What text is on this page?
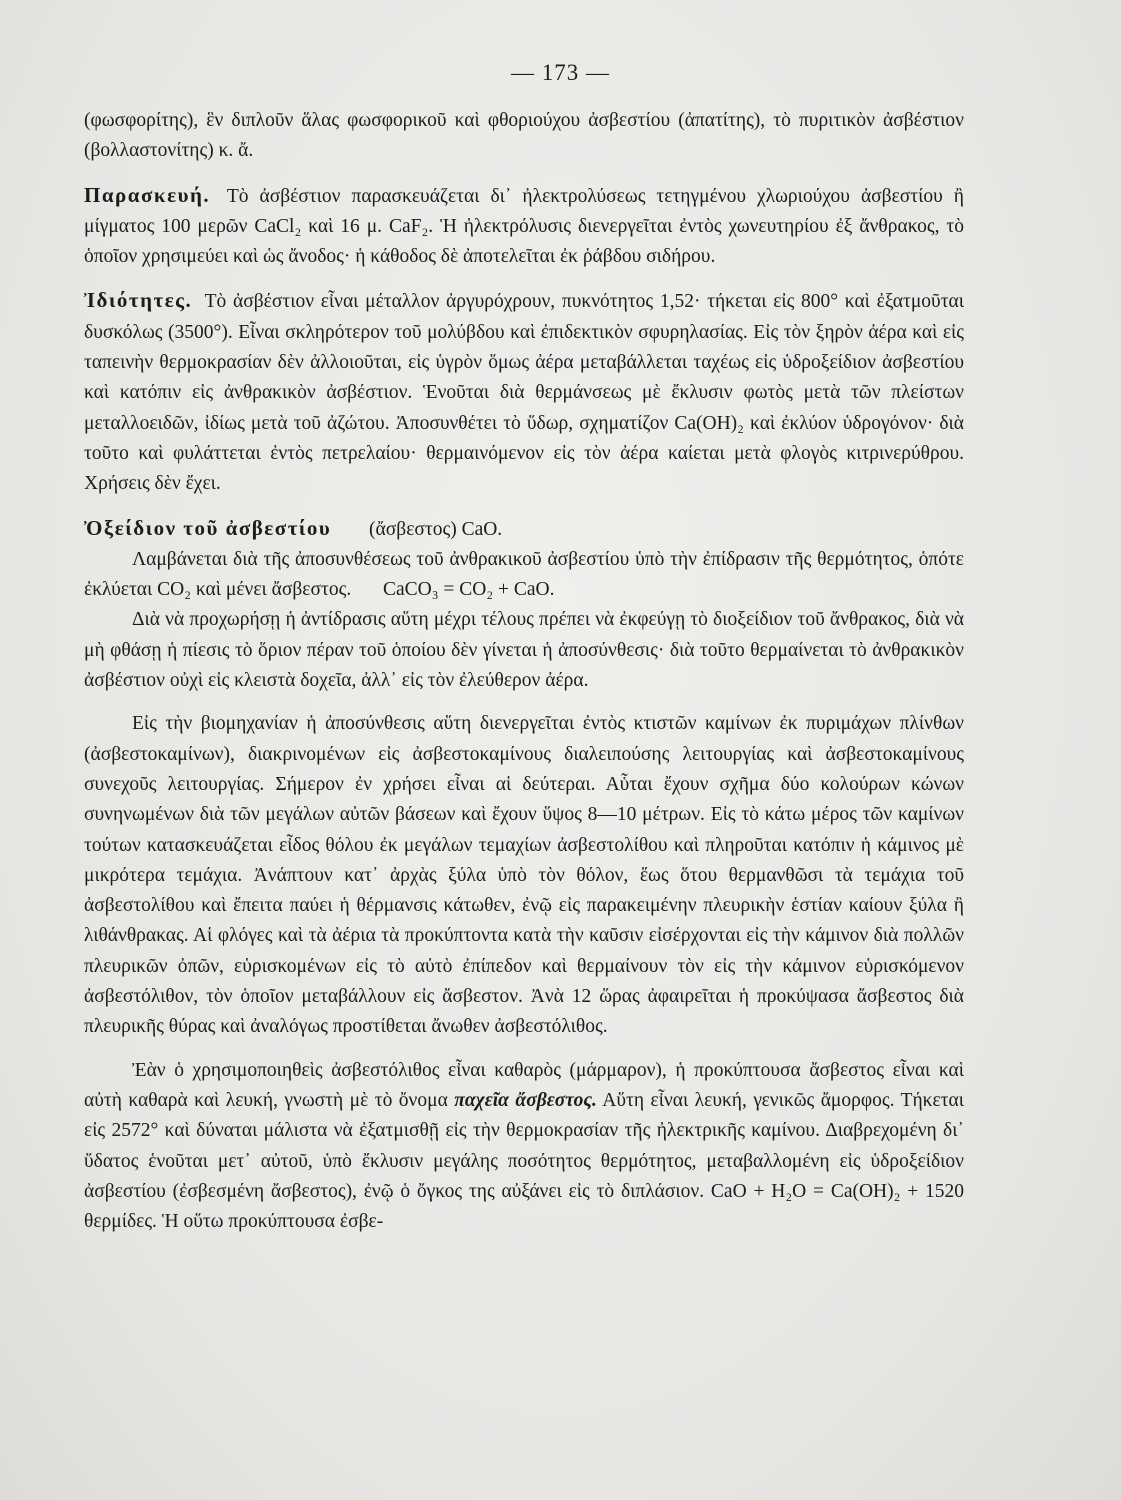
— 173 —

(φωσφορίτης), ἓν διπλοῦν ἅλας φωσφορικοῦ καὶ φθοριούχου ἀσβεστίου (ἀπατίτης), τὸ πυριτικὸν ἀσβέστιον (βολλαστονίτης) κ. ἄ.

Παρασκευή. Τὸ ἀσβέστιον παρασκευάζεται δι᾽ ἠλεκτρολύσεως τετηγμένου χλωριούχου ἀσβεστίου ἢ μίγματος 100 μερῶν CaCl₂ καὶ 16 μ. CaF₂. Ἡ ἠλεκτρόλυσις διενεργεῖται ἐντὸς χωνευτηρίου ἐξ ἄνθρακος, τὸ ὁποῖον χρησιμεύει καὶ ὡς ἄνοδος· ἡ κάθοδος δὲ ἀποτελεῖται ἐκ ῥάβδου σιδήρου.

Ἰδιότητες. Τὸ ἀσβέστιον εἶναι μέταλλον ἀργυρόχρουν, πυκνότητος 1,52· τήκεται εἰς 800° καὶ ἐξατμοῦται δυσκόλως (3500°). Εἶναι σκληρότερον τοῦ μολύβδου καὶ ἐπιδεκτικὸν σφυρηλασίας. Εἰς τὸν ξηρὸν ἀέρα καὶ εἰς ταπεινὴν θερμοκρασίαν δὲν ἀλλοιοῦται, εἰς ὑγρὸν ὅμως ἀέρα μεταβάλλεται ταχέως εἰς ὑδροξείδιον ἀσβεστίου καὶ κατόπιν εἰς ἀνθρακικὸν ἀσβέστιον. Ἑνοῦται διὰ θερμάνσεως μὲ ἔκλυσιν φωτὸς μετὰ τῶν πλείστων μεταλλοειδῶν, ἰδίως μετὰ τοῦ ἀζώτου. Ἀποσυνθέτει τὸ ὕδωρ, σχηματίζον Ca(OH)₂ καὶ ἐκλύον ὑδρογόνον· διὰ τοῦτο καὶ φυλάττεται ἐντὸς πετρελαίου· θερμαινόμενον εἰς τὸν ἀέρα καίεται μετὰ φλογὸς κιτρινερύθρου. Χρήσεις δὲν ἔχει.

Ὀξείδιον τοῦ ἀσβεστίου (ἄσβεστος) CaO.

Λαμβάνεται διὰ τῆς ἀποσυνθέσεως τοῦ ἀνθρακικοῦ ἀσβεστίου ὑπὸ τὴν ἐπίδρασιν τῆς θερμότητος, ὁπότε ἐκλύεται CO₂ καὶ μένει ἄσβεστος. CaCO₃ = CO₂ + CaO.

Διὰ νὰ προχωρήσῃ ἡ ἀντίδρασις αὕτη μέχρι τέλους πρέπει νὰ ἐκφεύγῃ τὸ διοξείδιον τοῦ ἄνθρακος, διὰ νὰ μὴ φθάσῃ ἡ πίεσις τὸ ὅριον πέραν τοῦ ὁποίου δὲν γίνεται ἡ ἀποσύνθεσις· διὰ τοῦτο θερμαίνεται τὸ ἀνθρακικὸν ἀσβέστιον οὐχὶ εἰς κλειστὰ δοχεῖα, ἀλλ᾽ εἰς τὸν ἐλεύθερον ἀέρα.

Εἰς τὴν βιομηχανίαν ἡ ἀποσύνθεσις αὕτη διενεργεῖται ἐντὸς κτιστῶν καμίνων ἐκ πυριμάχων πλίνθων (ἀσβεστοκαμίνων), διακρινομένων εἰς ἀσβεστοκαμίνους διαλειπούσης λειτουργίας καὶ ἀσβεστοκαμίνους συνεχοῦς λειτουργίας. Σήμερον ἐν χρήσει εἶναι αἱ δεύτεραι. Αὗται ἔχουν σχῆμα δύο κολούρων κώνων συνηνωμένων διὰ τῶν μεγάλων αὐτῶν βάσεων καὶ ἔχουν ὕψος 8—10 μέτρων. Εἰς τὸ κάτω μέρος τῶν καμίνων τούτων κατασκευάζεται εἶδος θόλου ἐκ μεγάλων τεμαχίων ἀσβεστολίθου καὶ πληροῦται κατόπιν ἡ κάμινος μὲ μικρότερα τεμάχια. Ἀνάπτουν κατ᾽ ἀρχὰς ξύλα ὑπὸ τὸν θόλον, ἕως ὅτου θερμανθῶσι τὰ τεμάχια τοῦ ἀσβεστολίθου καὶ ἔπειτα παύει ἡ θέρμανσις κάτωθεν, ἐνῷ εἰς παρακειμένην πλευρικὴν ἑστίαν καίουν ξύλα ἢ λιθάνθρακας. Αἱ φλόγες καὶ τὰ ἀέρια τὰ προκύπτοντα κατὰ τὴν καῦσιν εἰσέρχονται εἰς τὴν κάμινον διὰ πολλῶν πλευρικῶν ὀπῶν, εὑρισκομένων εἰς τὸ αὐτὸ ἐπίπεδον καὶ θερμαίνουν τὸν εἰς τὴν κάμινον εὑρισκόμενον ἀσβεστόλιθον, τὸν ὁποῖον μεταβάλλουν εἰς ἄσβεστον. Ἀνὰ 12 ὥρας ἀφαιρεῖται ἡ προκύψασα ἄσβεστος διὰ πλευρικῆς θύρας καὶ ἀναλόγως προστίθεται ἄνωθεν ἀσβεστόλιθος.

Ἐὰν ὁ χρησιμοποιηθεὶς ἀσβεστόλιθος εἶναι καθαρὸς (μάρμαρον), ἡ προκύπτουσα ἄσβεστος εἶναι καὶ αὐτὴ καθαρὰ καὶ λευκή, γνωστὴ μὲ τὸ ὄνομα παχεῖα ἄσβεστος. Αὕτη εἶναι λευκή, γενικῶς ἄμορφος. Τήκεται εἰς 2572° καὶ δύναται μάλιστα νὰ ἐξατμισθῇ εἰς τὴν θερμοκρασίαν τῆς ἠλεκτρικῆς καμίνου. Διαβρεχομένη δι᾽ ὕδατος ἑνοῦται μετ᾽ αὐτοῦ, ὑπὸ ἔκλυσιν μεγάλης ποσότητος θερμότητος, μεταβαλλομένη εἰς ὑδροξείδιον ἀσβεστίου (ἐσβεσμένη ἄσβεστος), ἐνῷ ὁ ὄγκος της αὐξάνει εἰς τὸ διπλάσιον. CaO + H₂O = Ca(OH)₂ + 1520 θερμίδες. Ἡ οὕτω προκύπτουσα ἐσβε-
